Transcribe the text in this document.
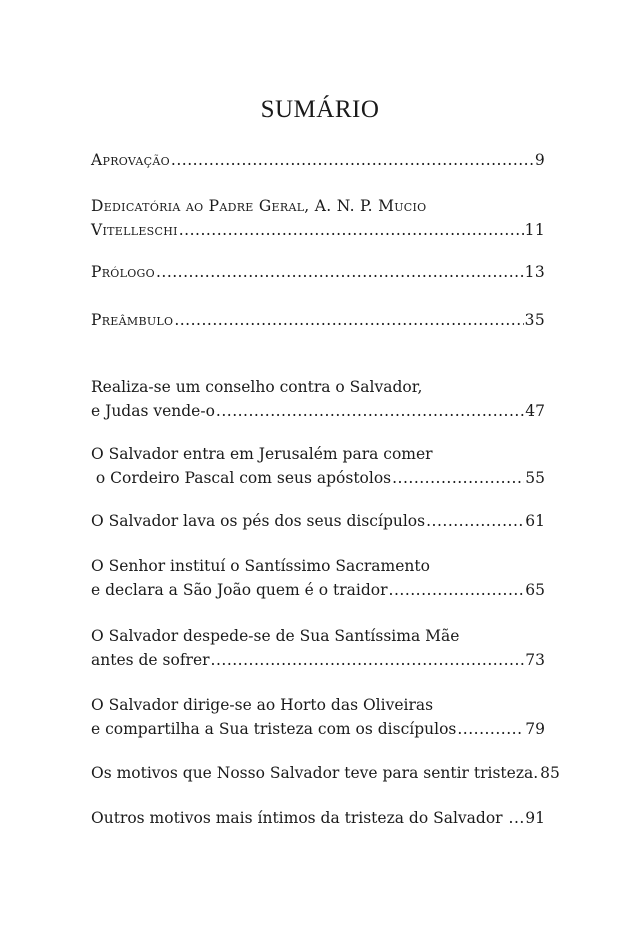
SUMÁRIO
Aprovação .....	9
Dedicatória ao Padre Geral, A. N. P. Mucio
Vitelleschi .....	11
Prólogo .....	13
Preâmbulo .....	35
Realiza-se um conselho contra o Salvador,
e Judas vende-o .....	47
O Salvador entra em Jerusalém para comer
o Cordeiro Pascal com seus apóstolos .....	55
O Salvador lava os pés dos seus discípulos .....	61
O Senhor instituí o Santíssimo Sacramento
e declara a São João quem é o traidor .....	65
O Salvador despede-se de Sua Santíssima Mãe
antes de sofrer .....	73
O Salvador dirige-se ao Horto das Oliveiras
e compartilha a Sua tristeza com os discípulos .....	79
Os motivos que Nosso Salvador teve para sentir tristeza. 85
Outros motivos mais íntimos da tristeza do Salvador ..... 91
